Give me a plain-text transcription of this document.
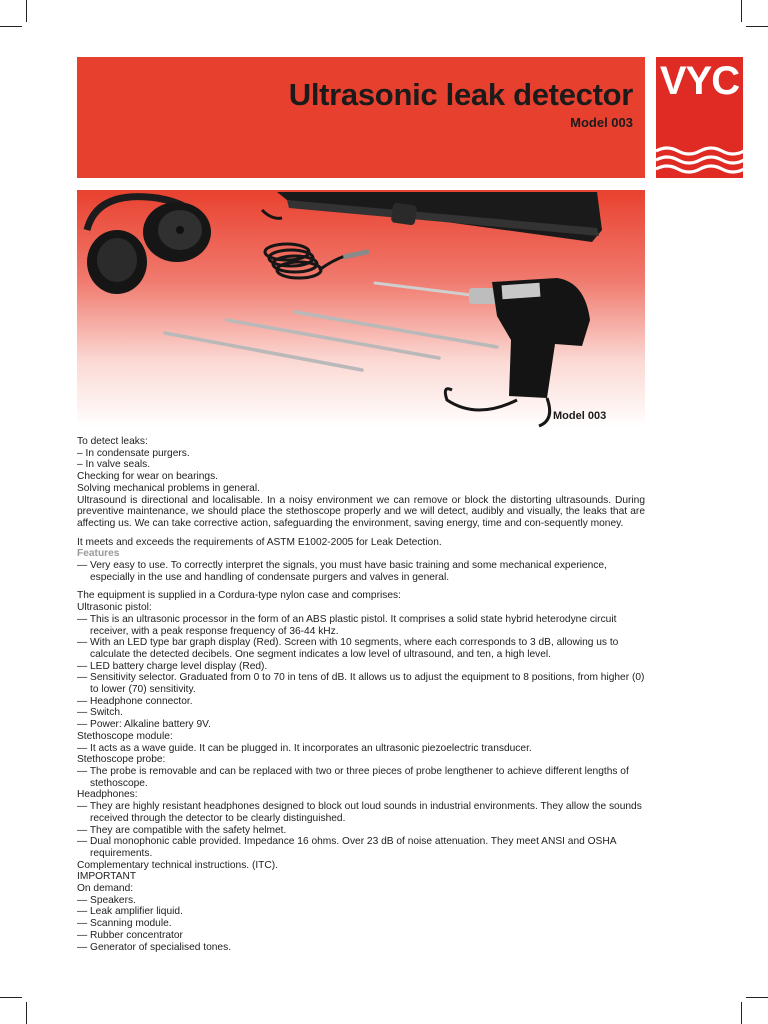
Ultrasonic leak detector
Model 003
VYC
Model 003

To detect leaks:

– In condensate purgers.

– In valve seals.

Checking for wear on bearings.

Solving mechanical problems in general.

Ultrasound is directional and localisable. In a noisy environment we can remove or block the distorting ultrasounds. During preventive maintenance, we should place the stethoscope properly and we will detect, audibly and visually, the leaks that are affecting us. We can take corrective action, safeguarding the environment, saving energy, time and con-sequently money.

It meets and exceeds the requirements of ASTM E1002-2005 for Leak Detection.

Features

— Very easy to use. To correctly interpret the signals, you must have basic training and some mechanical experience, especially in the use and handling of condensate purgers and valves in general.

The equipment is supplied in a Cordura-type nylon case and comprises:

Ultrasonic pistol:

— This is an ultrasonic processor in the form of an ABS plastic pistol. It comprises a solid state hybrid heterodyne circuit receiver, with a peak response frequency of 36-44 kHz.

— With an LED type bar graph display (Red). Screen with 10 segments, where each corresponds to 3 dB, allowing us to calculate the detected decibels. One segment indicates a low level of ultrasound, and ten, a high level.

— LED battery charge level display (Red).

— Sensitivity selector. Graduated from 0 to 70 in tens of dB. It allows us to adjust the equipment to 8 positions, from higher (0) to lower (70) sensitivity.

— Headphone connector.

— Switch.

— Power: Alkaline battery 9V.

Stethoscope module:

— It acts as a wave guide. It can be plugged in. It incorporates an ultrasonic piezoelectric transducer.

Stethoscope probe:

— The probe is removable and can be replaced with two or three pieces of probe lengthener to achieve different lengths of stethoscope.

Headphones:

— They are highly resistant headphones designed to block out loud sounds in industrial environments. They allow the sounds received through the detector to be clearly distinguished.

— They are compatible with the safety helmet.

— Dual monophonic cable provided. Impedance 16 ohms. Over 23 dB of noise attenuation. They meet ANSI and OSHA requirements.

Complementary technical instructions. (ITC).

IMPORTANT

On demand:

— Speakers.

— Leak amplifier liquid.

— Scanning module.

— Rubber concentrator

— Generator of specialised tones.
